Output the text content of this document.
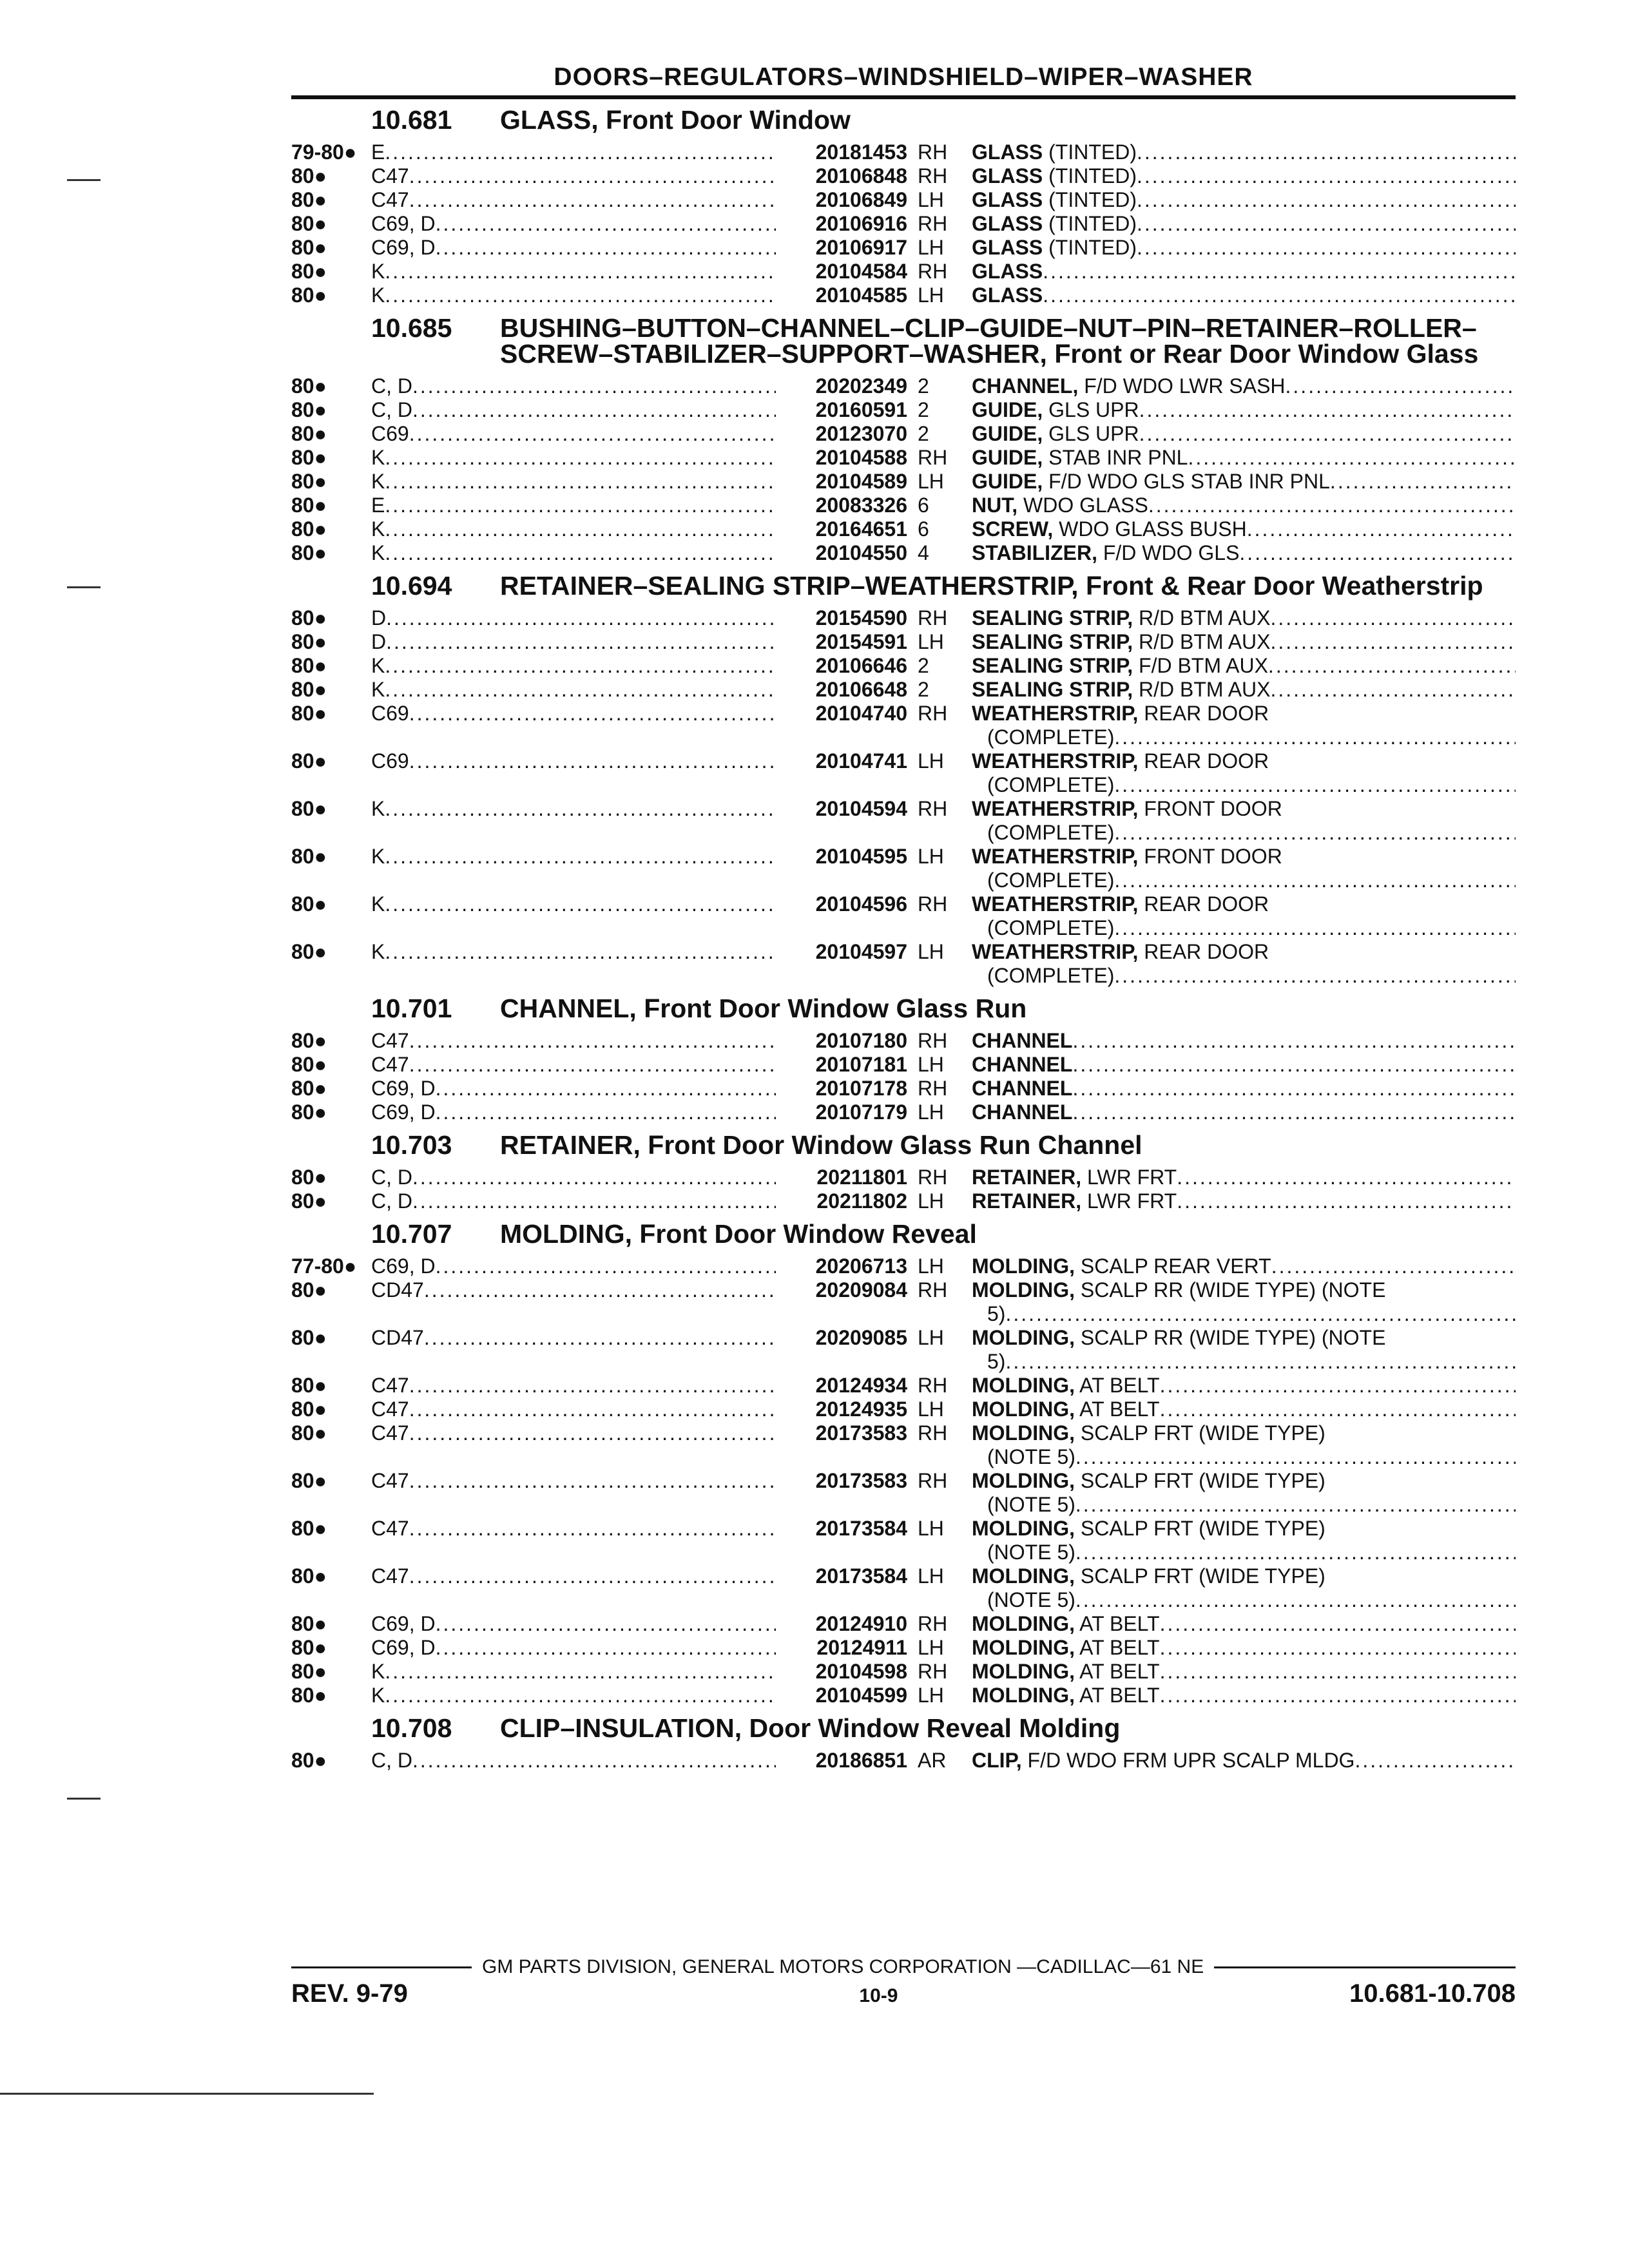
DOORS–REGULATORS–WINDSHIELD–WIPER–WASHER
10.681	GLASS, Front Door Window
79-80● E .....	20181453 RH	GLASS (TINTED)
.....
80●	C47 .....	20106848 RH	GLASS (TINTED)
.....
80●	C47 .....	20106849 LH	GLASS (TINTED)
.....
80●	C69, D .....	20106916 RH	GLASS (TINTED)
.....
80●	C69, D .....	20106917 LH	GLASS (TINTED)
.....
80●	K .....	20104584 RH	GLASS
.....
80●	K .....	20104585 LH	GLASS
.....
10.685	BUSHING–BUTTON–CHANNEL–CLIP–GUIDE–NUT–PIN–RETAINER–ROLLER–SCREW–STABILIZER–SUPPORT–WASHER, Front or Rear Door Window Glass
80●	C, D .....	20202349 2	CHANNEL, F/D WDO LWR SASH
.....
80●	C, D .....	20160591 2	GUIDE, GLS UPR
.....
80●	C69 .....	20123070 2	GUIDE, GLS UPR
.....
80●	K .....	20104588 RH	GUIDE, STAB INR PNL
.....
80●	K .....	20104589 LH	GUIDE, F/D WDO GLS STAB INR PNL
.....
80●	E .....	20083326 6	NUT, WDO GLASS
.....
80●	K .....	20164651 6	SCREW, WDO GLASS BUSH
.....
80●	K .....	20104550 4	STABILIZER, F/D WDO GLS
.....
10.694	RETAINER–SEALING STRIP–WEATHERSTRIP, Front & Rear Door Weatherstrip
80●	D .....	20154590 RH	SEALING STRIP, R/D BTM AUX
.....
80●	D .....	20154591 LH	SEALING STRIP, R/D BTM AUX
.....
80●	K .....	20106646 2	SEALING STRIP, F/D BTM AUX
.....
80●	K .....	20106648 2	SEALING STRIP, R/D BTM AUX
.....
80●	C69 .....	20104740 RH	WEATHERSTRIP, REAR DOOR
(COMPLETE)
.....
80●	C69 .....	20104741 LH	WEATHERSTRIP, REAR DOOR
(COMPLETE)
.....
80●	K .....	20104594 RH	WEATHERSTRIP, FRONT DOOR
(COMPLETE)
.....
80●	K .....	20104595 LH	WEATHERSTRIP, FRONT DOOR
(COMPLETE)
.....
80●	K .....	20104596 RH	WEATHERSTRIP, REAR DOOR
(COMPLETE)
.....
80●	K .....	20104597 LH	WEATHERSTRIP, REAR DOOR
(COMPLETE)
.....
10.701	CHANNEL, Front Door Window Glass Run
80●	C47 .....	20107180 RH	CHANNEL
.....
80●	C47 .....	20107181 LH	CHANNEL
.....
80●	C69, D .....	20107178 RH	CHANNEL
.....
80●	C69, D .....	20107179 LH	CHANNEL
.....
10.703	RETAINER, Front Door Window Glass Run Channel
80●	C, D .....	20211801 RH	RETAINER, LWR FRT
.....
80●	C, D .....	20211802 LH	RETAINER, LWR FRT
.....
10.707	MOLDING, Front Door Window Reveal
77-80● C69, D .....	20206713 LH	MOLDING, SCALP REAR VERT
.....
80●	CD47 .....	20209084 RH	MOLDING, SCALP RR (WIDE TYPE) (NOTE
5)
.....
80●	CD47 .....	20209085 LH	MOLDING, SCALP RR (WIDE TYPE) (NOTE
5)
.....
80●	C47 .....	20124934 RH	MOLDING, AT BELT
.....
80●	C47 .....	20124935 LH	MOLDING, AT BELT
.....
80●	C47 .....	20173583 RH	MOLDING, SCALP FRT (WIDE TYPE)
(NOTE 5)
.....
80●	C47 .....	20173583 RH	MOLDING, SCALP FRT (WIDE TYPE)
(NOTE 5)
.....
80●	C47 .....	20173584 LH	MOLDING, SCALP FRT (WIDE TYPE)
(NOTE 5)
.....
80●	C47 .....	20173584 LH	MOLDING, SCALP FRT (WIDE TYPE)
(NOTE 5)
.....
80●	C69, D .....	20124910 RH	MOLDING, AT BELT
.....
80●	C69, D .....	20124911 LH	MOLDING, AT BELT
.....
80●	K .....	20104598 RH	MOLDING, AT BELT
.....
80●	K .....	20104599 LH	MOLDING, AT BELT
.....
10.708	CLIP–INSULATION, Door Window Reveal Molding
80●	C, D .....	20186851 AR	CLIP, F/D WDO FRM UPR SCALP MLDG
.....
GM PARTS DIVISION, GENERAL MOTORS CORPORATION —CADILLAC—61 NE
REV. 9-79	10-9	10.681-10.708
